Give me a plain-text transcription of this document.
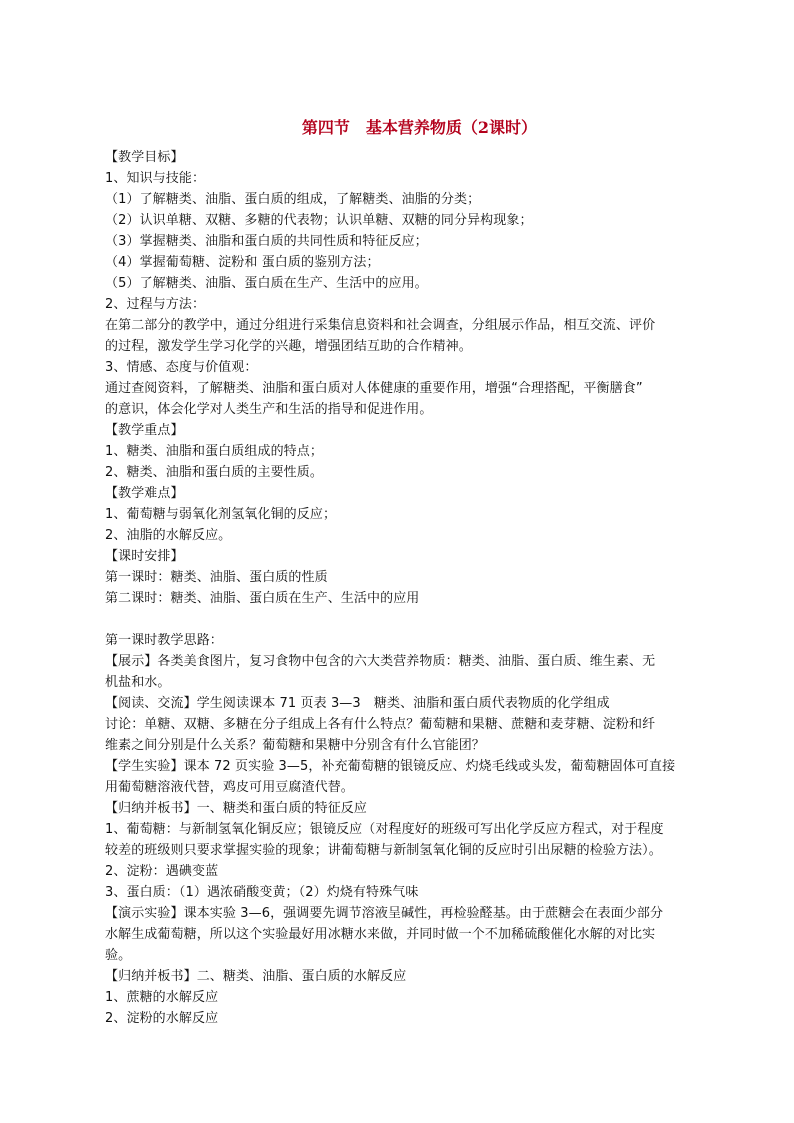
第四节　基本营养物质（2课时）
【教学目标】
1、知识与技能：
（1）了解糖类、油脂、蛋白质的组成，了解糖类、油脂的分类；
（2）认识单糖、双糖、多糖的代表物；认识单糖、双糖的同分异构现象；
（3）掌握糖类、油脂和蛋白质的共同性质和特征反应；
（4）掌握葡萄糖、淀粉和 蛋白质的鉴别方法；
（5）了解糖类、油脂、蛋白质在生产、生活中的应用。
2、过程与方法：
在第二部分的教学中，通过分组进行采集信息资料和社会调查，分组展示作品，相互交流、评价
的过程，激发学生学习化学的兴趣，增强团结互助的合作精神。
3、情感、态度与价值观：
通过查阅资料，了解糖类、油脂和蛋白质对人体健康的重要作用，增强“合理搭配，平衡膳食”
的意识，体会化学对人类生产和生活的指导和促进作用。
【教学重点】
1、糖类、油脂和蛋白质组成的特点；
2、糖类、油脂和蛋白质的主要性质。
【教学难点】
1、葡萄糖与弱氧化剂氢氧化铜的反应；
2、油脂的水解反应。
【课时安排】
第一课时：糖类、油脂、蛋白质的性质
第二课时：糖类、油脂、蛋白质在生产、生活中的应用
第一课时教学思路：
【展示】各类美食图片，复习食物中包含的六大类营养物质：糖类、油脂、蛋白质、维生素、无
机盐和水。
【阅读、交流】学生阅读课本 71 页表 3—3　糖类、油脂和蛋白质代表物质的化学组成
讨论：单糖、双糖、多糖在分子组成上各有什么特点？葡萄糖和果糖、蔗糖和麦芽糖、淀粉和纤
维素之间分别是什么关系？葡萄糖和果糖中分别含有什么官能团？
【学生实验】课本 72 页实验 3—5，补充葡萄糖的银镜反应、灼烧毛线或头发，葡萄糖固体可直接
用葡萄糖溶液代替，鸡皮可用豆腐渣代替。
【归纳并板书】一、糖类和蛋白质的特征反应
1、葡萄糖：与新制氢氧化铜反应；银镜反应（对程度好的班级可写出化学反应方程式，对于程度
较差的班级则只要求掌握实验的现象；讲葡萄糖与新制氢氧化铜的反应时引出尿糖的检验方法）。
2、淀粉：遇碘变蓝
3、蛋白质：（1）遇浓硝酸变黄；（2）灼烧有特殊气味
【演示实验】课本实验 3—6，强调要先调节溶液呈碱性，再检验醛基。由于蔗糖会在表面少部分
水解生成葡萄糖，所以这个实验最好用冰糖水来做，并同时做一个不加稀硫酸催化水解的对比实
验。
【归纳并板书】二、糖类、油脂、蛋白质的水解反应
1、蔗糖的水解反应
2、淀粉的水解反应
